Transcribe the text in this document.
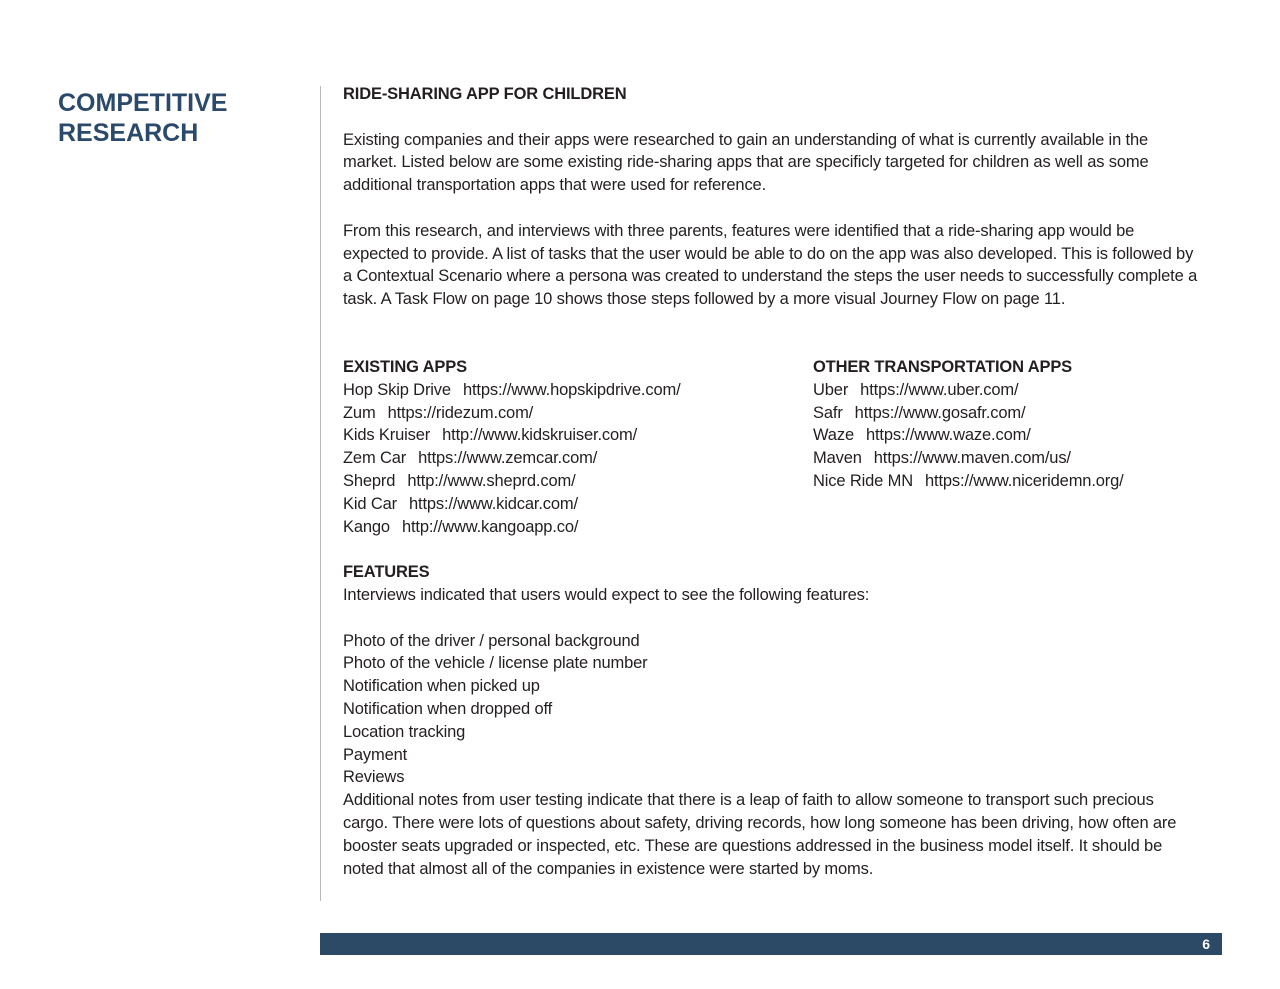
COMPETITIVE
RESEARCH
RIDE-SHARING APP FOR CHILDREN

Existing companies and their apps were researched to gain an understanding of what is currently available in the market. Listed below are some existing ride-sharing apps that are specificly targeted for children as well as some additional transportation apps that were used for reference.

From this research, and interviews with three parents, features were identified that a ride-sharing app would be expected to provide. A list of tasks that the user would be able to do on the app was also developed. This is followed by a Contextual Scenario where a persona was created to understand the steps the user needs to successfully complete a task. A Task Flow on page 10 shows those steps followed by a more visual Journey Flow on page 11.

EXISTING APPS
Hop Skip Drive https://www.hopskipdrive.com/
Zum https://ridezum.com/
Kids Kruiser http://www.kidskruiser.com/
Zem Car https://www.zemcar.com/
Sheprd http://www.sheprd.com/
Kid Car https://www.kidcar.com/
Kango http://www.kangoapp.co/
OTHER TRANSPORTATION APPS
Uber https://www.uber.com/
Safr https://www.gosafr.com/
Waze https://www.waze.com/
Maven https://www.maven.com/us/
Nice Ride MN https://www.niceridemn.org/
FEATURES

Interviews indicated that users would expect to see the following features:

Photo of the driver / personal background
Photo of the vehicle / license plate number
Notification when picked up
Notification when dropped off
Location tracking
Payment
Reviews

Additional notes from user testing indicate that there is a leap of faith to allow someone to transport such precious cargo. There were lots of questions about safety, driving records, how long someone has been driving, how often are booster seats upgraded or inspected, etc. These are questions addressed in the business model itself. It should be noted that almost all of the companies in existence were started by moms.

6
